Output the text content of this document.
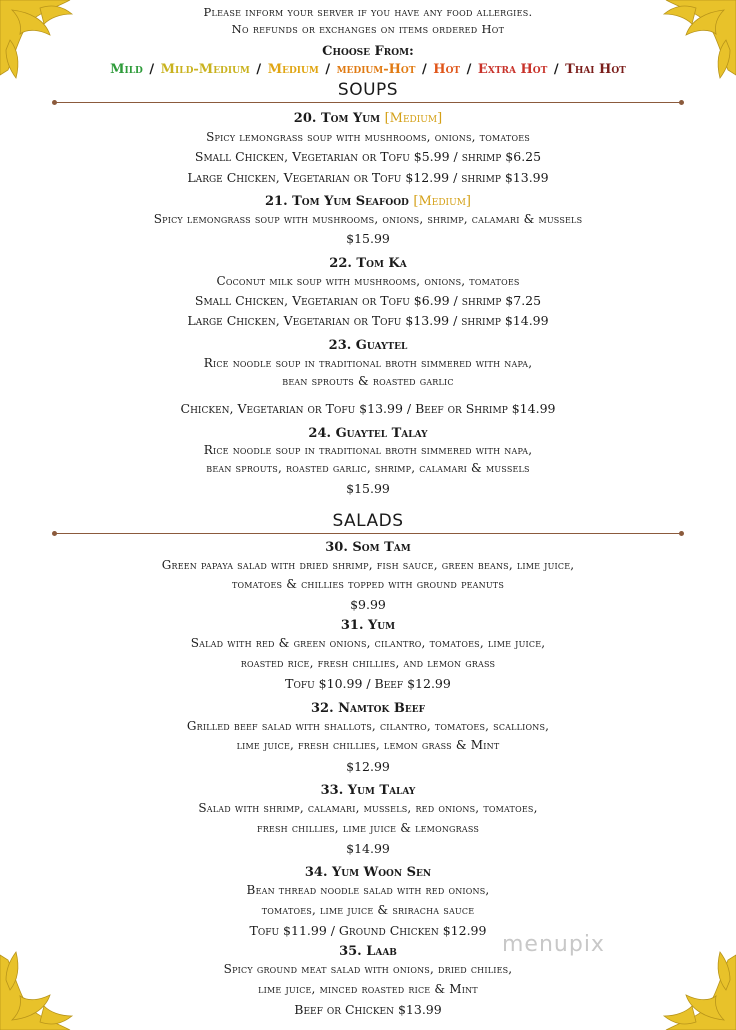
Please inform your server if you have any food allergies.
No refunds or exchanges on items ordered Hot
Choose From:
Mild / Mild-Medium / Medium / medium-Hot / Hot / Extra Hot / Thai Hot
SOUPS
20. Tom Yum [Medium]
Spicy lemongrass soup with mushrooms, onions, tomatoes
Small Chicken, Vegetarian or Tofu $5.99 / shrimp $6.25
Large Chicken, Vegetarian or Tofu $12.99 / shrimp $13.99
21. Tom Yum Seafood [Medium]
Spicy lemongrass soup with mushrooms, onions, shrimp, calamari & mussels
$15.99
22. Tom Ka
Coconut milk soup with mushrooms, onions, tomatoes
Small Chicken, Vegetarian or Tofu $6.99 / shrimp $7.25
Large Chicken, Vegetarian or Tofu $13.99 / shrimp $14.99
23. Guaytel
Rice noodle soup in traditional broth simmered with napa,
bean sprouts & roasted garlic
Chicken, Vegetarian or Tofu $13.99 / Beef or Shrimp $14.99
24. Guaytel Talay
Rice noodle soup in traditional broth simmered with napa,
bean sprouts, roasted garlic, shrimp, calamari & mussels
$15.99
SALADS
30. Som Tam
Green papaya salad with dried shrimp, fish sauce, green beans, lime juice,
tomatoes & chillies topped with ground peanuts
$9.99
31. Yum
Salad with red & green onions, cilantro, tomatoes, lime juice,
roasted rice, fresh chillies, and lemon grass
Tofu $10.99 / Beef $12.99
32. Namtok Beef
Grilled beef salad with shallots, cilantro, tomatoes, scallions,
lime juice, fresh chillies, lemon grass & Mint
$12.99
33. Yum Talay
Salad with shrimp, calamari, mussels, red onions, tomatoes,
fresh chillies, lime juice & lemongrass
$14.99
34. Yum Woon Sen
Bean thread noodle salad with red onions,
tomatoes, lime juice & sriracha sauce
Tofu $11.99 / Ground Chicken $12.99
35. Laab
Spicy ground meat salad with onions, dried chilies,
lime juice, minced roasted rice & Mint
Beef or Chicken $13.99
menupix
